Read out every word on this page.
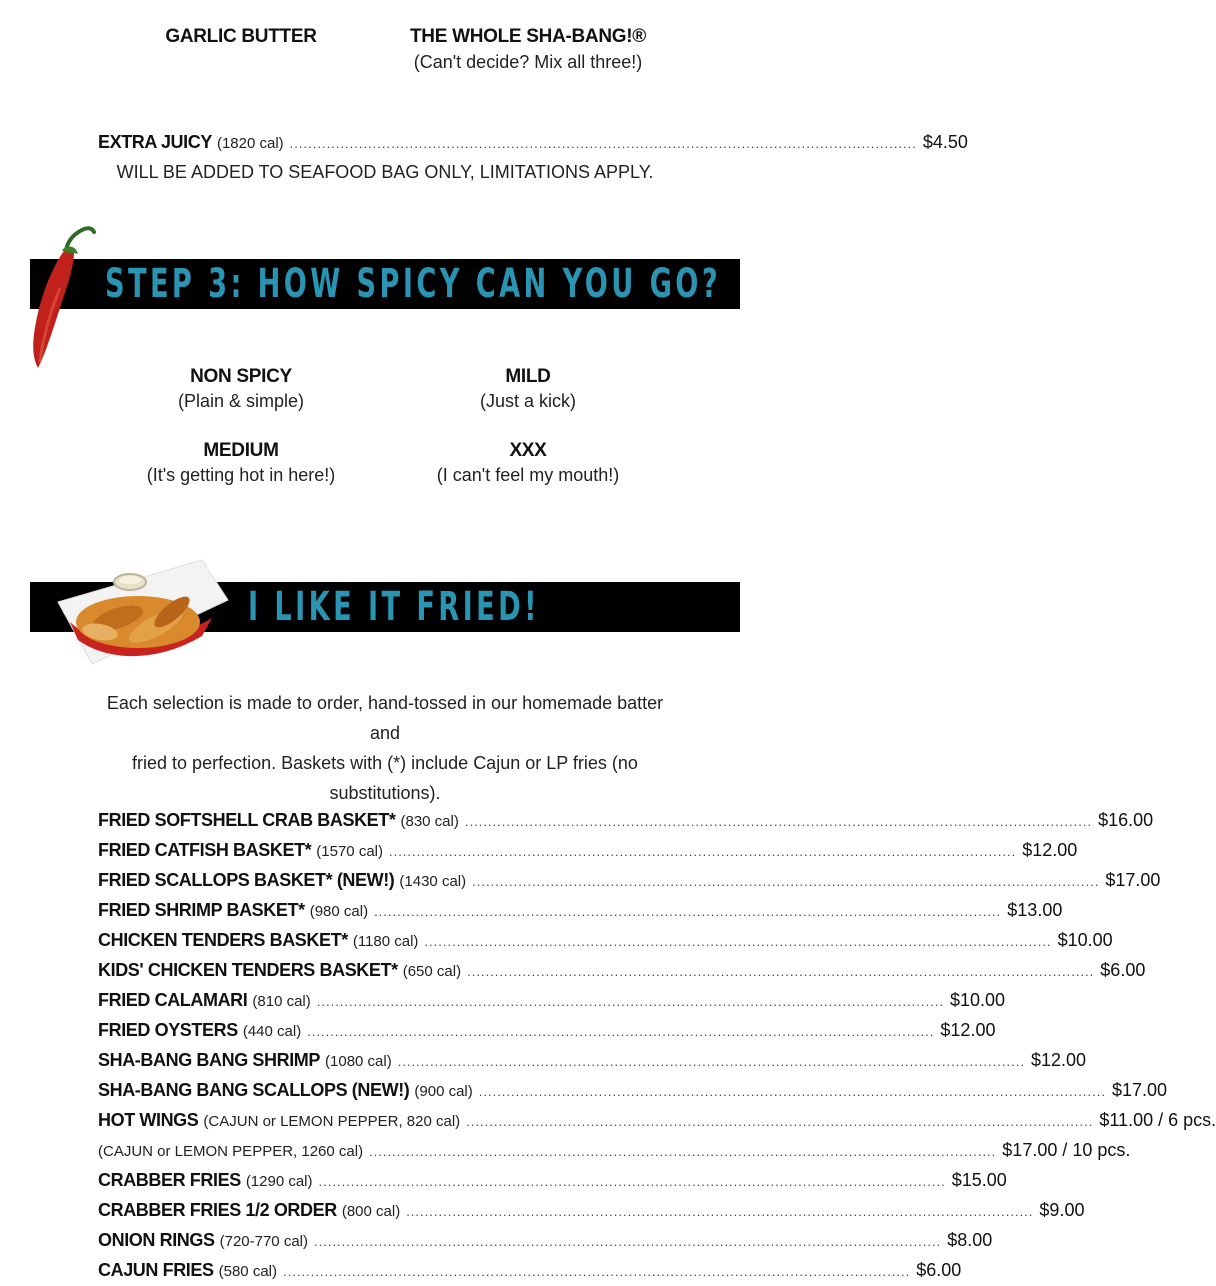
GARLIC BUTTER	THE WHOLE SHA-BANG!®
(Can't decide? Mix all three!)
EXTRA JUICY (1820 cal) ........................................................................................................................................ $4.50
WILL BE ADDED TO SEAFOOD BAG ONLY, LIMITATIONS APPLY.
STEP 3: HOW SPICY CAN YOU GO?
NON SPICY
(Plain & simple)
MILD
(Just a kick)
MEDIUM
(It's getting hot in here!)
XXX
(I can't feel my mouth!)
I LIKE IT FRIED!
Each selection is made to order, hand-tossed in our homemade batter and
fried to perfection. Baskets with (*) include Cajun or LP fries (no
substitutions).
FRIED SOFTSHELL CRAB BASKET* (830 cal) ........................................................................................................................................ $16.00
FRIED CATFISH BASKET* (1570 cal) ........................................................................................................................................ $12.00
FRIED SCALLOPS BASKET* (NEW!) (1430 cal) ........................................................................................................................................ $17.00
FRIED SHRIMP BASKET* (980 cal) ........................................................................................................................................ $13.00
CHICKEN TENDERS BASKET* (1180 cal) ........................................................................................................................................ $10.00
KIDS' CHICKEN TENDERS BASKET* (650 cal) ........................................................................................................................................ $6.00
FRIED CALAMARI (810 cal) ........................................................................................................................................ $10.00
FRIED OYSTERS (440 cal) ........................................................................................................................................ $12.00
SHA-BANG BANG SHRIMP (1080 cal) ........................................................................................................................................ $12.00
SHA-BANG BANG SCALLOPS (NEW!) (900 cal) ........................................................................................................................................ $17.00
HOT WINGS (CAJUN or LEMON PEPPER, 820 cal) ........................................................................................................................................ $11.00 / 6 pcs.
(CAJUN or LEMON PEPPER, 1260 cal) ........................................................................................................................................ $17.00 / 10 pcs.
CRABBER FRIES (1290 cal) ........................................................................................................................................ $15.00
CRABBER FRIES 1/2 ORDER (800 cal) ........................................................................................................................................ $9.00
ONION RINGS (720-770 cal) ........................................................................................................................................ $8.00
CAJUN FRIES (580 cal) ........................................................................................................................................ $6.00
